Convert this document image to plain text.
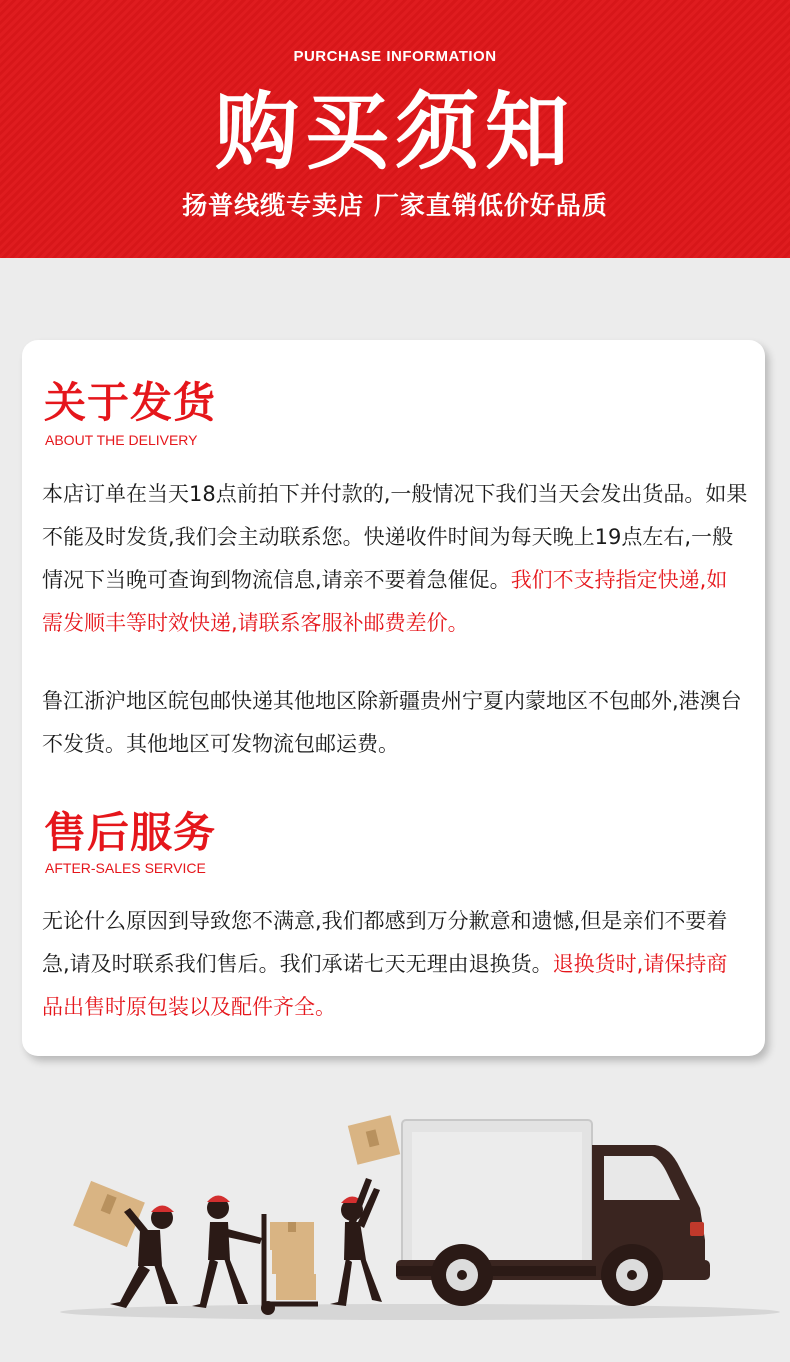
PURCHASE INFORMATION
购买须知
扬普线缆专卖店 厂家直销低价好品质
关于发货
ABOUT THE DELIVERY
本店订单在当天18点前拍下并付款的,一般情况下我们当天会发出货品。如果不能及时发货,我们会主动联系您。快递收件时间为每天晚上19点左右,一般情况下当晚可查询到物流信息,请亲不要着急催促。我们不支持指定快递,如需发顺丰等时效快递,请联系客服补邮费差价。
鲁江浙沪地区皖包邮快递其他地区除新疆贵州宁夏内蒙地区不包邮外,港澳台不发货。其他地区可发物流包邮运费。
售后服务
AFTER-SALES SERVICE
无论什么原因到导致您不满意,我们都感到万分歉意和遗憾,但是亲们不要着急,请及时联系我们售后。我们承诺七天无理由退换货。退换货时,请保持商品出售时原包装以及配件齐全。
